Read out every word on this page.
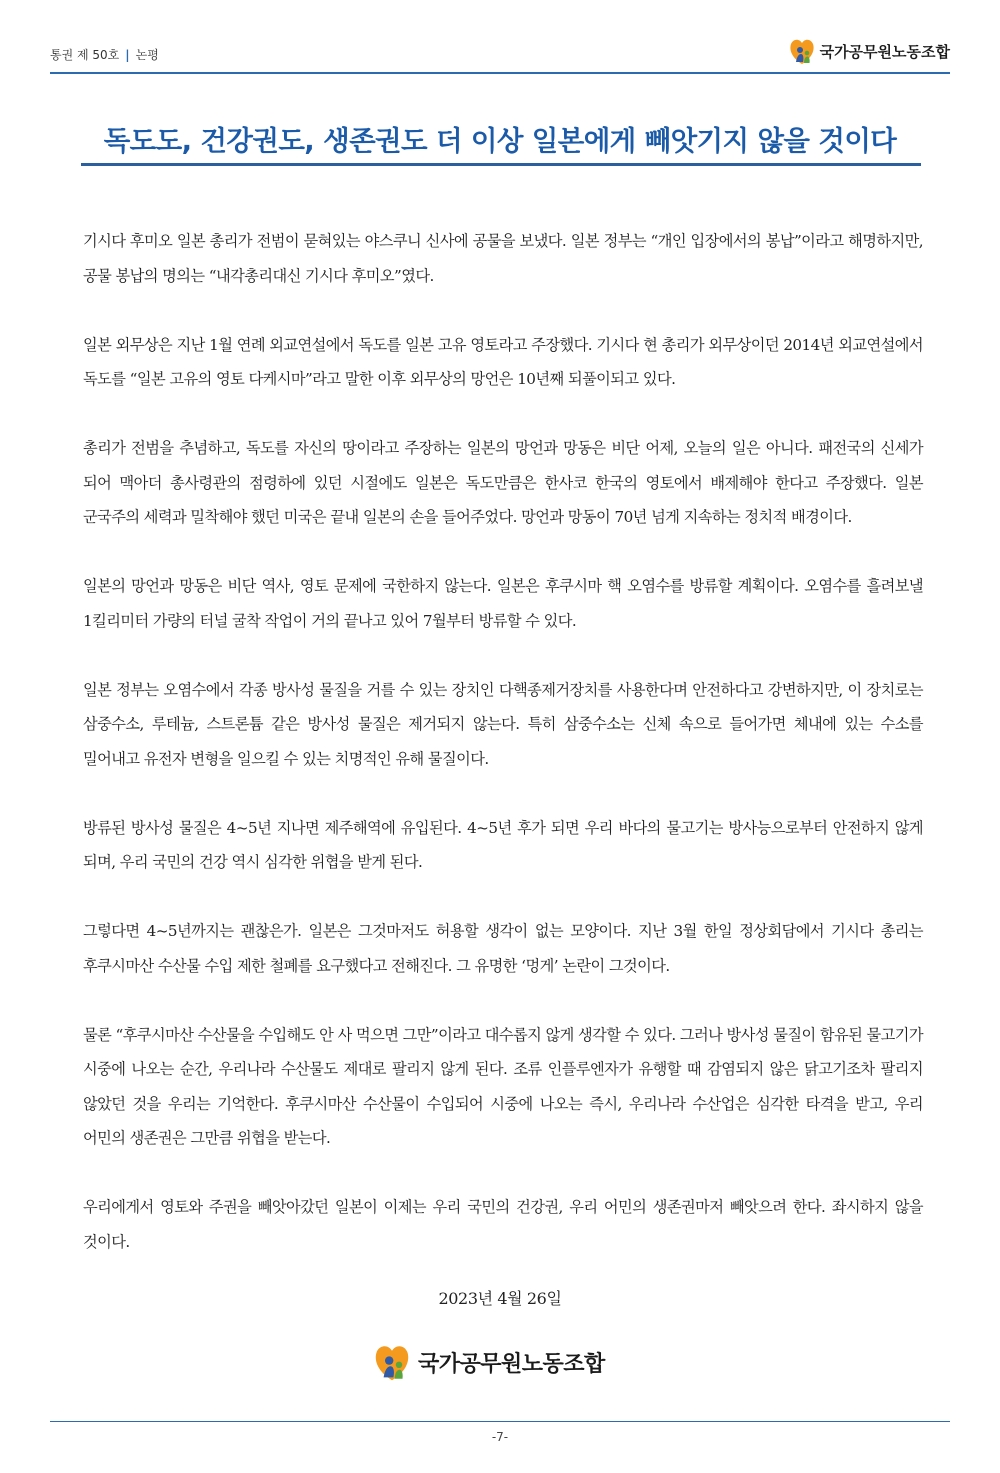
통권 제 50호 | 논평	국가공무원노동조합
독도도, 건강권도, 생존권도 더 이상 일본에게 빼앗기지 않을 것이다

기시다 후미오 일본 총리가 전범이 묻혀있는 야스쿠니 신사에 공물을 보냈다. 일본 정부는 “개인 입장에서의 봉납”이라고 해명하지만, 공물 봉납의 명의는 “내각총리대신 기시다 후미오”였다.

일본 외무상은 지난 1월 연례 외교연설에서 독도를 일본 고유 영토라고 주장했다. 기시다 현 총리가 외무상이던 2014년 외교연설에서 독도를 “일본 고유의 영토 다케시마”라고 말한 이후 외무상의 망언은 10년째 되풀이되고 있다.

총리가 전범을 추념하고, 독도를 자신의 땅이라고 주장하는 일본의 망언과 망동은 비단 어제, 오늘의 일은 아니다. 패전국의 신세가 되어 맥아더 총사령관의 점령하에 있던 시절에도 일본은 독도만큼은 한사코 한국의 영토에서 배제해야 한다고 주장했다. 일본 군국주의 세력과 밀착해야 했던 미국은 끝내 일본의 손을 들어주었다. 망언과 망동이 70년 넘게 지속하는 정치적 배경이다.

일본의 망언과 망동은 비단 역사, 영토 문제에 국한하지 않는다. 일본은 후쿠시마 핵 오염수를 방류할 계획이다. 오염수를 흘려보낼 1킬리미터 가량의 터널 굴착 작업이 거의 끝나고 있어 7월부터 방류할 수 있다.

일본 정부는 오염수에서 각종 방사성 물질을 거를 수 있는 장치인 다핵종제거장치를 사용한다며 안전하다고 강변하지만, 이 장치로는 삼중수소, 루테늄, 스트론튬 같은 방사성 물질은 제거되지 않는다. 특히 삼중수소는 신체 속으로 들어가면 체내에 있는 수소를 밀어내고 유전자 변형을 일으킬 수 있는 치명적인 유해 물질이다.

방류된 방사성 물질은 4~5년 지나면 제주해역에 유입된다. 4~5년 후가 되면 우리 바다의 물고기는 방사능으로부터 안전하지 않게 되며, 우리 국민의 건강 역시 심각한 위협을 받게 된다.

그렇다면 4~5년까지는 괜찮은가. 일본은 그것마저도 허용할 생각이 없는 모양이다. 지난 3월 한일 정상회담에서 기시다 총리는 후쿠시마산 수산물 수입 제한 철폐를 요구했다고 전해진다. 그 유명한 ‘멍게’ 논란이 그것이다.

물론 “후쿠시마산 수산물을 수입해도 안 사 먹으면 그만”이라고 대수롭지 않게 생각할 수 있다. 그러나 방사성 물질이 함유된 물고기가 시중에 나오는 순간, 우리나라 수산물도 제대로 팔리지 않게 된다. 조류 인플루엔자가 유행할 때 감염되지 않은 닭고기조차 팔리지 않았던 것을 우리는 기억한다. 후쿠시마산 수산물이 수입되어 시중에 나오는 즉시, 우리나라 수산업은 심각한 타격을 받고, 우리 어민의 생존권은 그만큼 위협을 받는다.

우리에게서 영토와 주권을 빼앗아갔던 일본이 이제는 우리 국민의 건강권, 우리 어민의 생존권마저 빼앗으려 한다. 좌시하지 않을 것이다.

2023년 4월 26일
국가공무원노동조합
-7-
